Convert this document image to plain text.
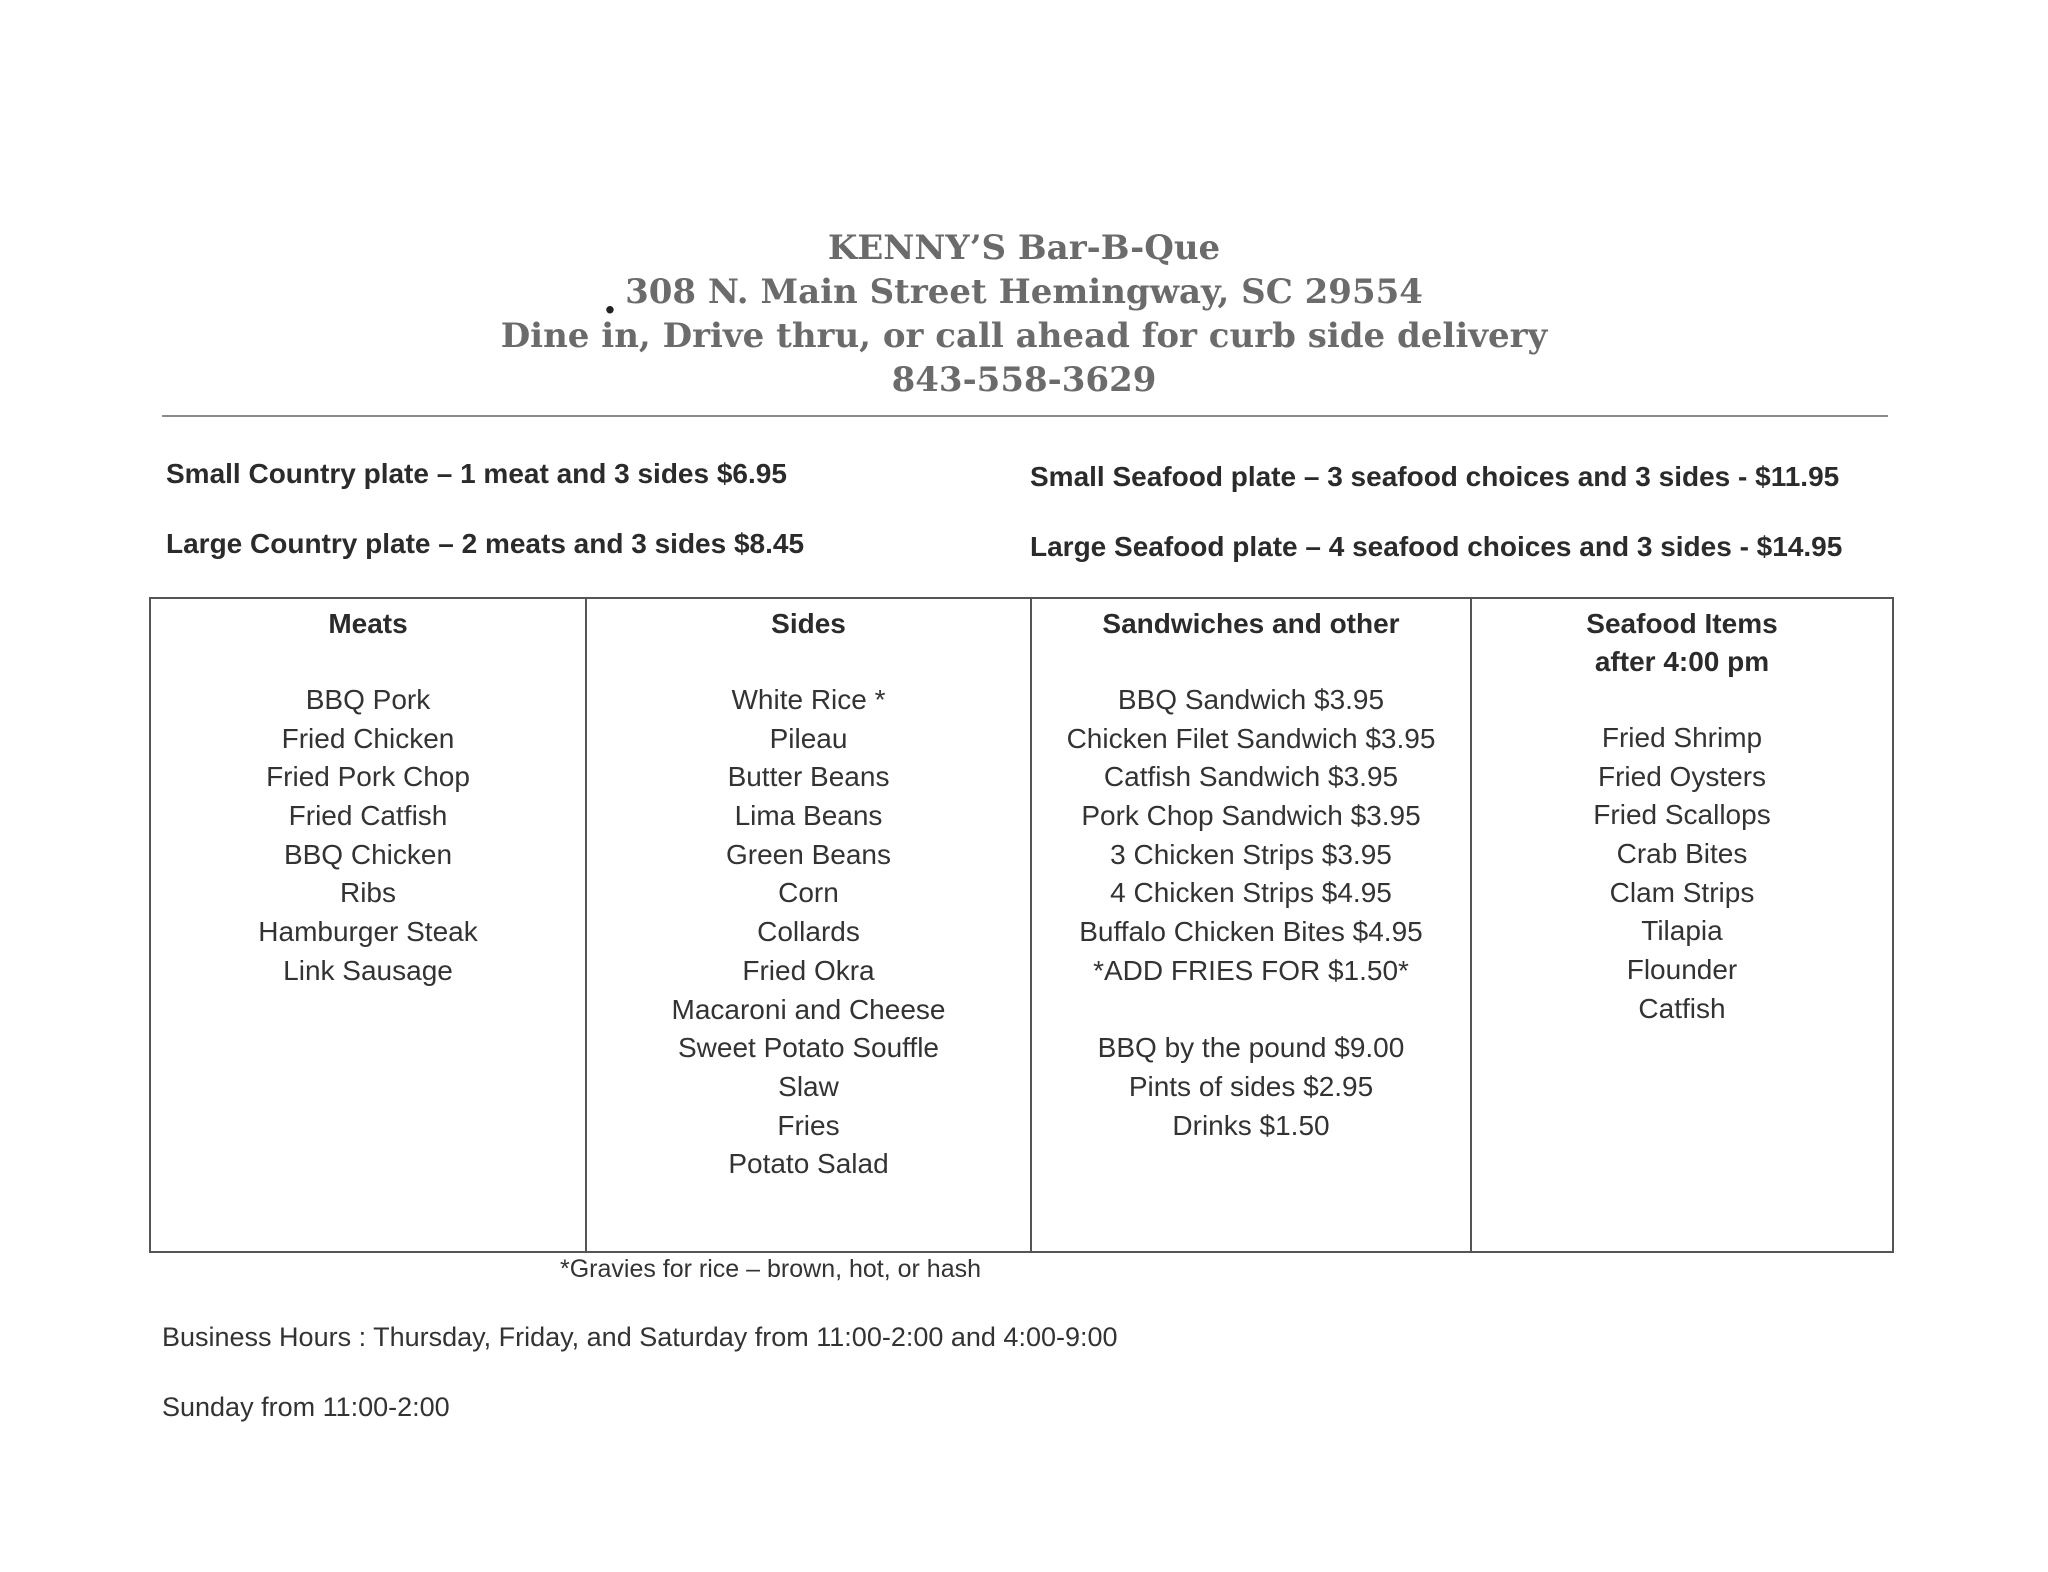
KENNY’S Bar-B-Que
. 308 N. Main Street Hemingway, SC 29554
Dine in, Drive thru, or call ahead for curb side delivery
843-558-3629
Small Country plate – 1 meat and 3 sides $6.95
Large Country plate – 2 meats and 3 sides $8.45
Small Seafood plate – 3 seafood choices and 3 sides - $11.95
Large Seafood plate – 4 seafood choices and 3 sides - $14.95
Meats
BBQ Pork
Fried Chicken
Fried Pork Chop
Fried Catfish
BBQ Chicken
Ribs
Hamburger Steak
Link Sausage
Sides
White Rice *
Pileau
Butter Beans
Lima Beans
Green Beans
Corn
Collards
Fried Okra
Macaroni and Cheese
Sweet Potato Souffle
Slaw
Fries
Potato Salad
Sandwiches and other
BBQ Sandwich $3.95
Chicken Filet Sandwich $3.95
Catfish Sandwich $3.95
Pork Chop Sandwich $3.95
3 Chicken Strips $3.95
4 Chicken Strips $4.95
Buffalo Chicken Bites $4.95
*ADD FRIES FOR $1.50*
BBQ by the pound $9.00
Pints of sides $2.95
Drinks $1.50
Seafood Items
after 4:00 pm
Fried Shrimp
Fried Oysters
Fried Scallops
Crab Bites
Clam Strips
Tilapia
Flounder
Catfish
*Gravies for rice – brown, hot, or hash
Business Hours : Thursday, Friday, and Saturday from 11:00-2:00 and 4:00-9:00
Sunday from 11:00-2:00
